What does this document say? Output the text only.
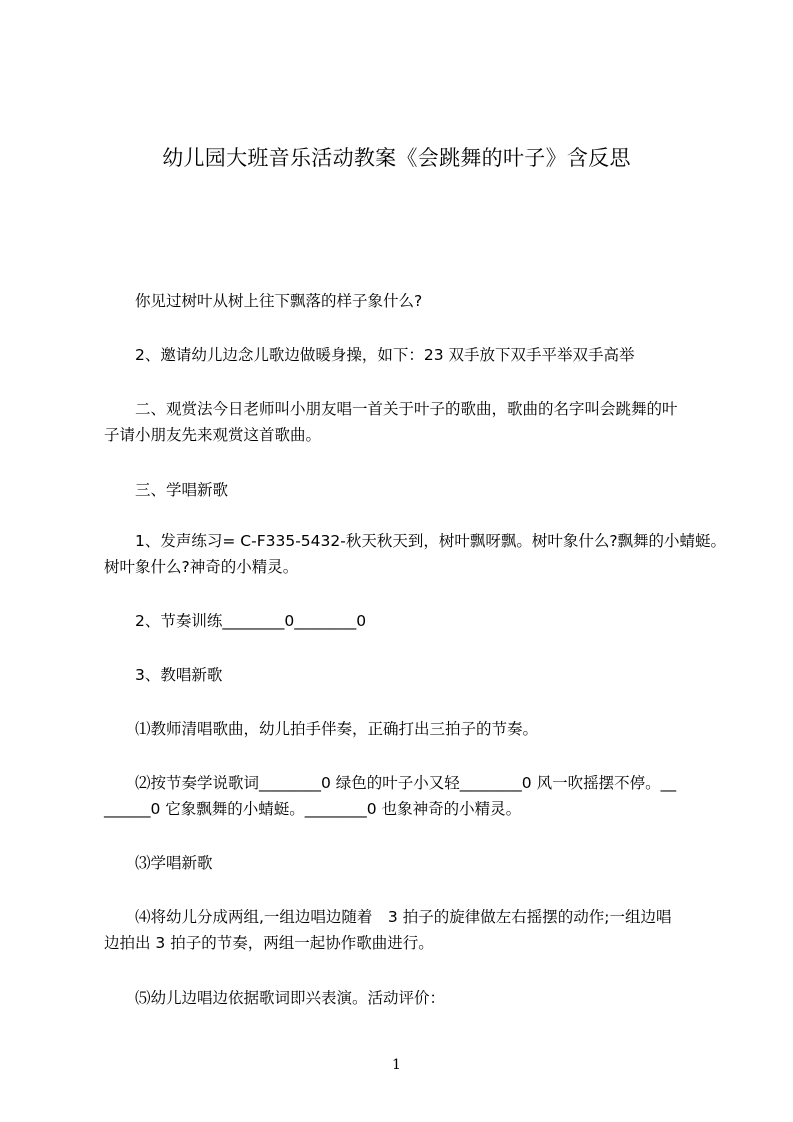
幼儿园大班音乐活动教案《会跳舞的叶子》含反思
　　你见过树叶从树上往下飘落的样子象什么?
　　2、邀请幼儿边念儿歌边做暖身操，如下：23 双手放下双手平举双手高举
　　二、观赏法今日老师叫小朋友唱一首关于叶子的歌曲，歌曲的名字叫会跳舞的叶
子请小朋友先来观赏这首歌曲。
　　三、学唱新歌
　　1、发声练习= C-F335-5432-秋天秋天到，树叶飘呀飘。树叶象什么?飘舞的小蜻蜓。
树叶象什么?神奇的小精灵。
　　2、节奏训练________0________0
　　3、教唱新歌
　　⑴教师清唱歌曲，幼儿拍手伴奏，正确打出三拍子的节奏。
　　⑵按节奏学说歌词________0 绿色的叶子小又轻________0 风一吹摇摆不停。__
______0 它象飘舞的小蜻蜓。________0 也象神奇的小精灵。
　　⑶学唱新歌
　　⑷将幼儿分成两组,一组边唱边随着　3 拍子的旋律做左右摇摆的动作;一组边唱
边拍出 3 拍子的节奏，两组一起协作歌曲进行。
　　⑸幼儿边唱边依据歌词即兴表演。活动评价：
1
